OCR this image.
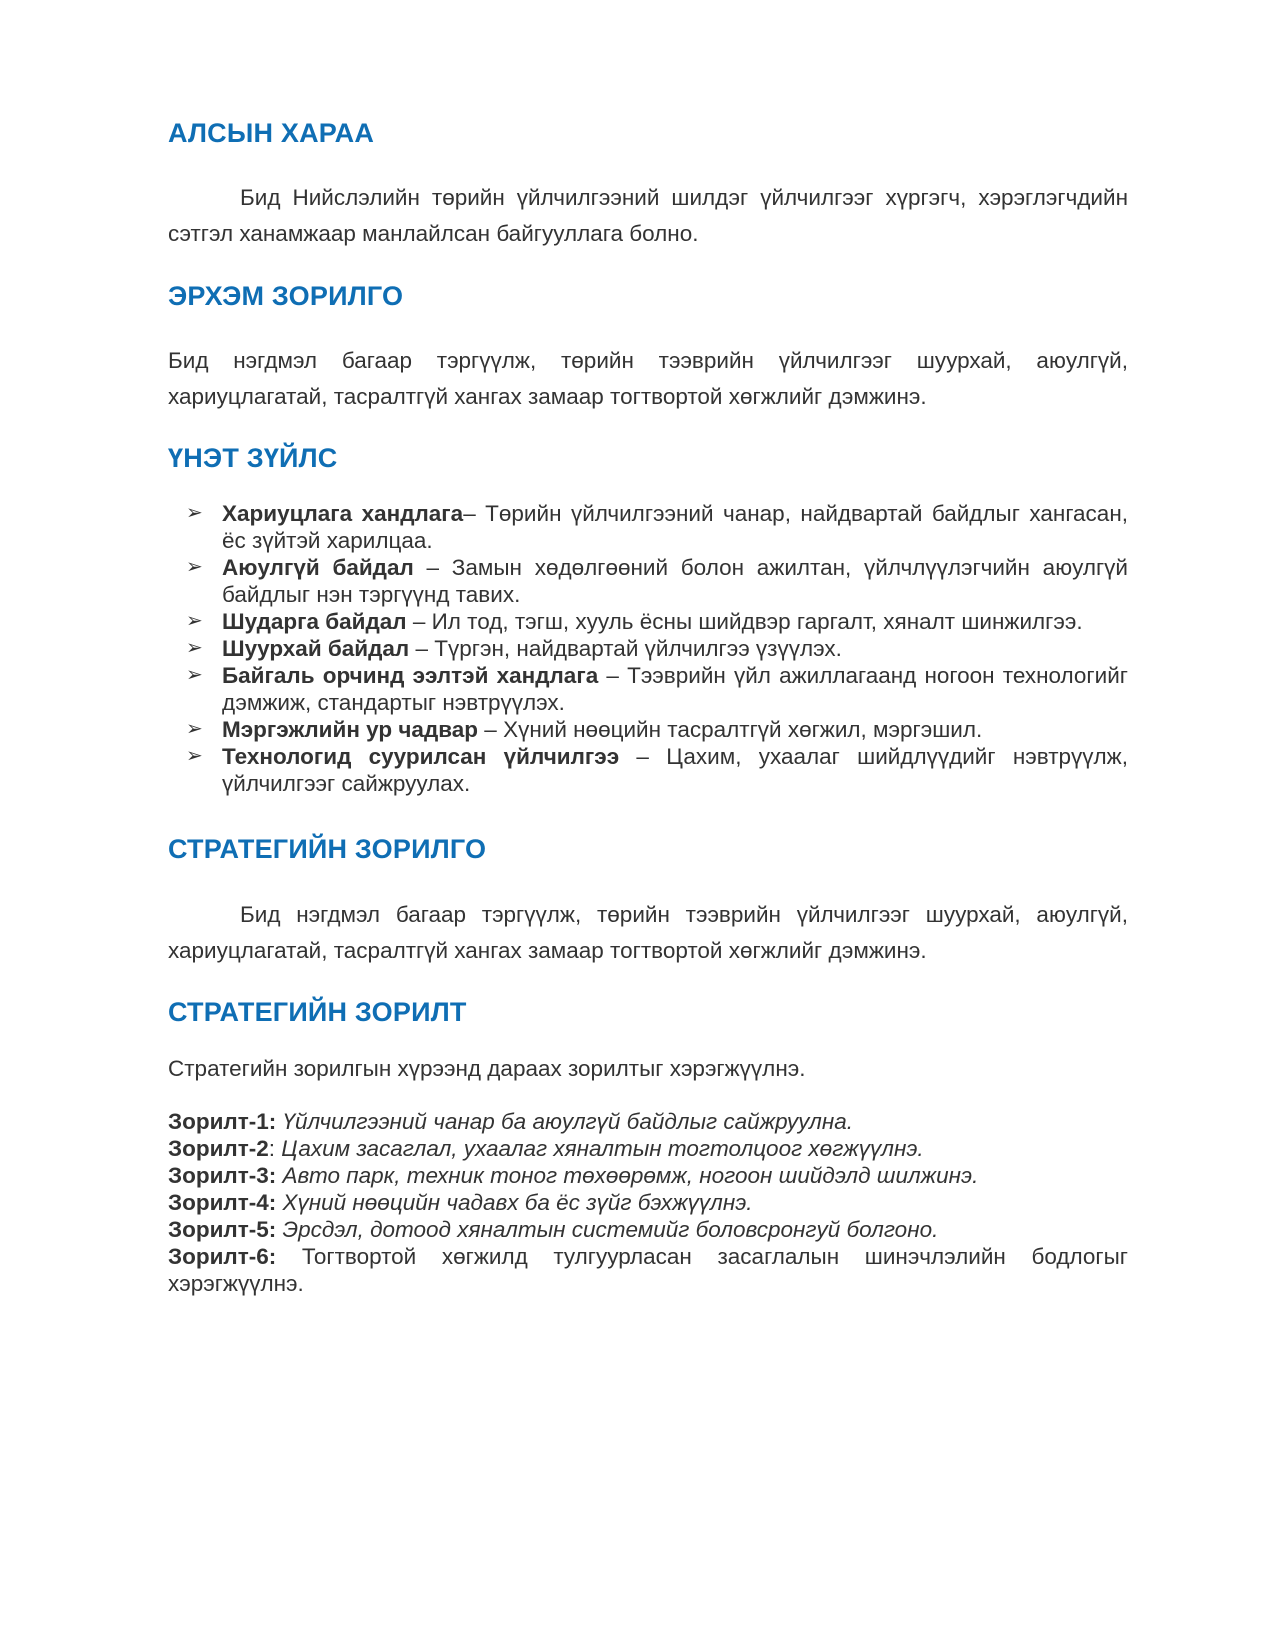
АЛСЫН ХАРАА

Бид Нийслэлийн төрийн үйлчилгээний шилдэг үйлчилгээг хүргэгч, хэрэглэгчдийн сэтгэл ханамжаар манлайлсан байгууллага болно.

ЭРХЭМ ЗОРИЛГО

Бид нэгдмэл багаар тэргүүлж, төрийн тээврийн үйлчилгээг шуурхай, аюулгүй, хариуцлагатай, тасралтгүй хангах замаар тогтвортой хөгжлийг дэмжинэ.

ҮНЭТ ЗҮЙЛС
➢ Хариуцлага хандлага– Төрийн үйлчилгээний чанар, найдвартай байдлыг хангасан, ёс зүйтэй харилцаа.
➢ Аюулгүй байдал – Замын хөдөлгөөний болон ажилтан, үйлчлүүлэгчийн аюулгүй байдлыг нэн тэргүүнд тавих.
➢ Шударга байдал – Ил тод, тэгш, хууль ёсны шийдвэр гаргалт, хяналт шинжилгээ.
➢ Шуурхай байдал – Түргэн, найдвартай үйлчилгээ үзүүлэх.
➢ Байгаль орчинд ээлтэй хандлага – Тээврийн үйл ажиллагаанд ногоон технологийг дэмжиж, стандартыг нэвтрүүлэх.
➢ Мэргэжлийн ур чадвар – Хүний нөөцийн тасралтгүй хөгжил, мэргэшил.
➢ Технологид суурилсан үйлчилгээ – Цахим, ухаалаг шийдлүүдийг нэвтрүүлж, үйлчилгээг сайжруулах.
СТРАТЕГИЙН ЗОРИЛГО

Бид нэгдмэл багаар тэргүүлж, төрийн тээврийн үйлчилгээг шуурхай, аюулгүй, хариуцлагатай, тасралтгүй хангах замаар тогтвортой хөгжлийг дэмжинэ.

СТРАТЕГИЙН ЗОРИЛТ

Стратегийн зорилгын хүрээнд дараах зорилтыг хэрэгжүүлнэ.

Зорилт-1: Үйлчилгээний чанар ба аюулгүй байдлыг сайжруулна.
Зорилт-2: Цахим засаглал, ухаалаг хяналтын тогтолцоог хөгжүүлнэ.
Зорилт-3: Авто парк, техник тоног төхөөрөмж, ногоон шийдэлд шилжинэ.
Зорилт-4: Хүний нөөцийн чадавх ба ёс зүйг бэхжүүлнэ.
Зорилт-5: Эрсдэл, дотоод хяналтын системийг боловсронгуй болгоно.
Зорилт-6: Тогтвортой хөгжилд тулгуурласан засаглалын шинэчлэлийн бодлогыг хэрэгжүүлнэ.
